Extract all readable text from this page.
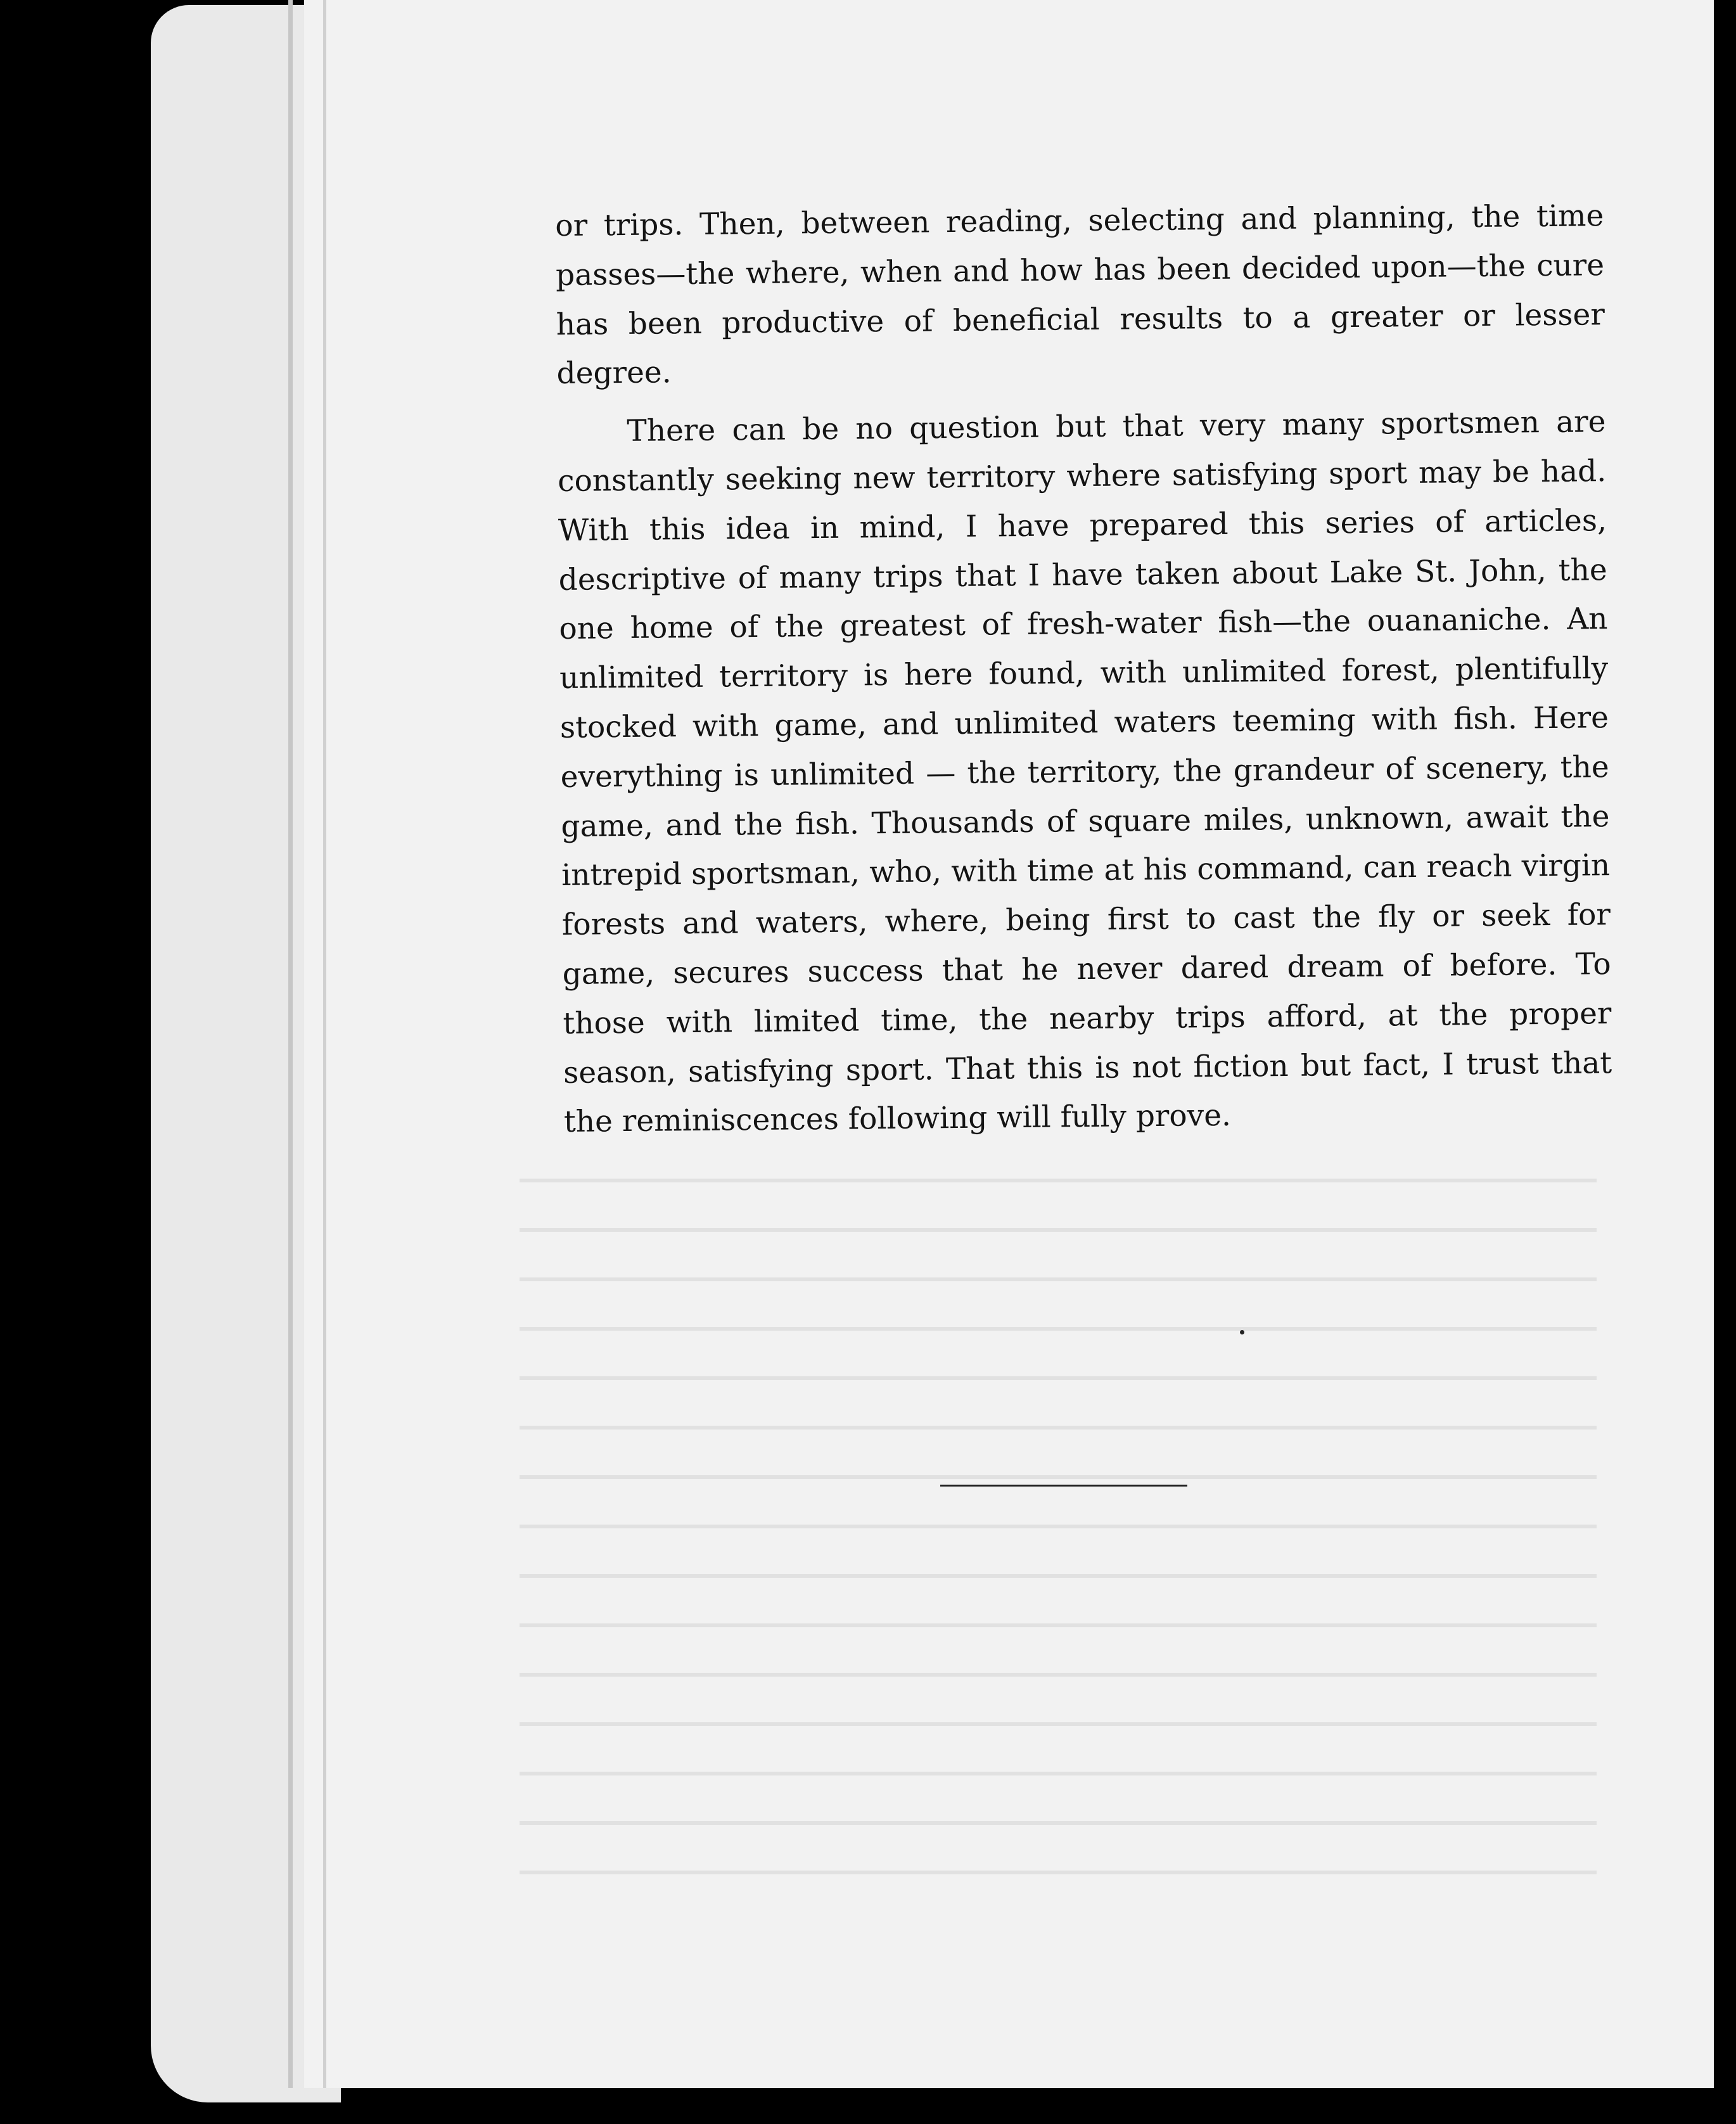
or trips. Then, between reading, selecting and planning, the time passes—the where, when and how has been decided upon—the cure has been productive of beneficial results to a greater or lesser degree.

There can be no question but that very many sportsmen are constantly seeking new territory where satisfying sport may be had. With this idea in mind, I have prepared this series of articles, descriptive of many trips that I have taken about Lake St. John, the one home of the greatest of fresh-water fish—the ouananiche. An unlimited territory is here found, with unlimited forest, plentifully stocked with game, and unlimited waters teeming with fish. Here everything is unlimited — the territory, the grandeur of scenery, the game, and the fish. Thousands of square miles, unknown, await the intrepid sportsman, who, with time at his command, can reach virgin forests and waters, where, being first to cast the fly or seek for game, secures success that he never dared dream of before. To those with limited time, the nearby trips afford, at the proper season, satisfying sport. That this is not fiction but fact, I trust that the reminiscences following will fully prove.
